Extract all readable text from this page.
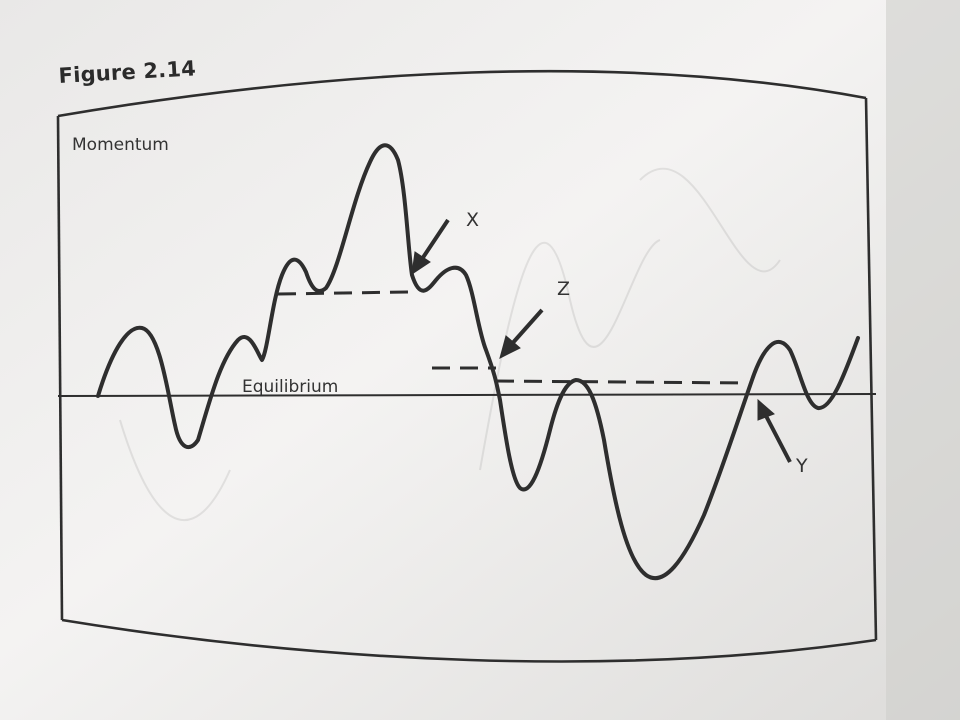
Momentum
Equilibrium
X
Z
Y

Figure 2.14
